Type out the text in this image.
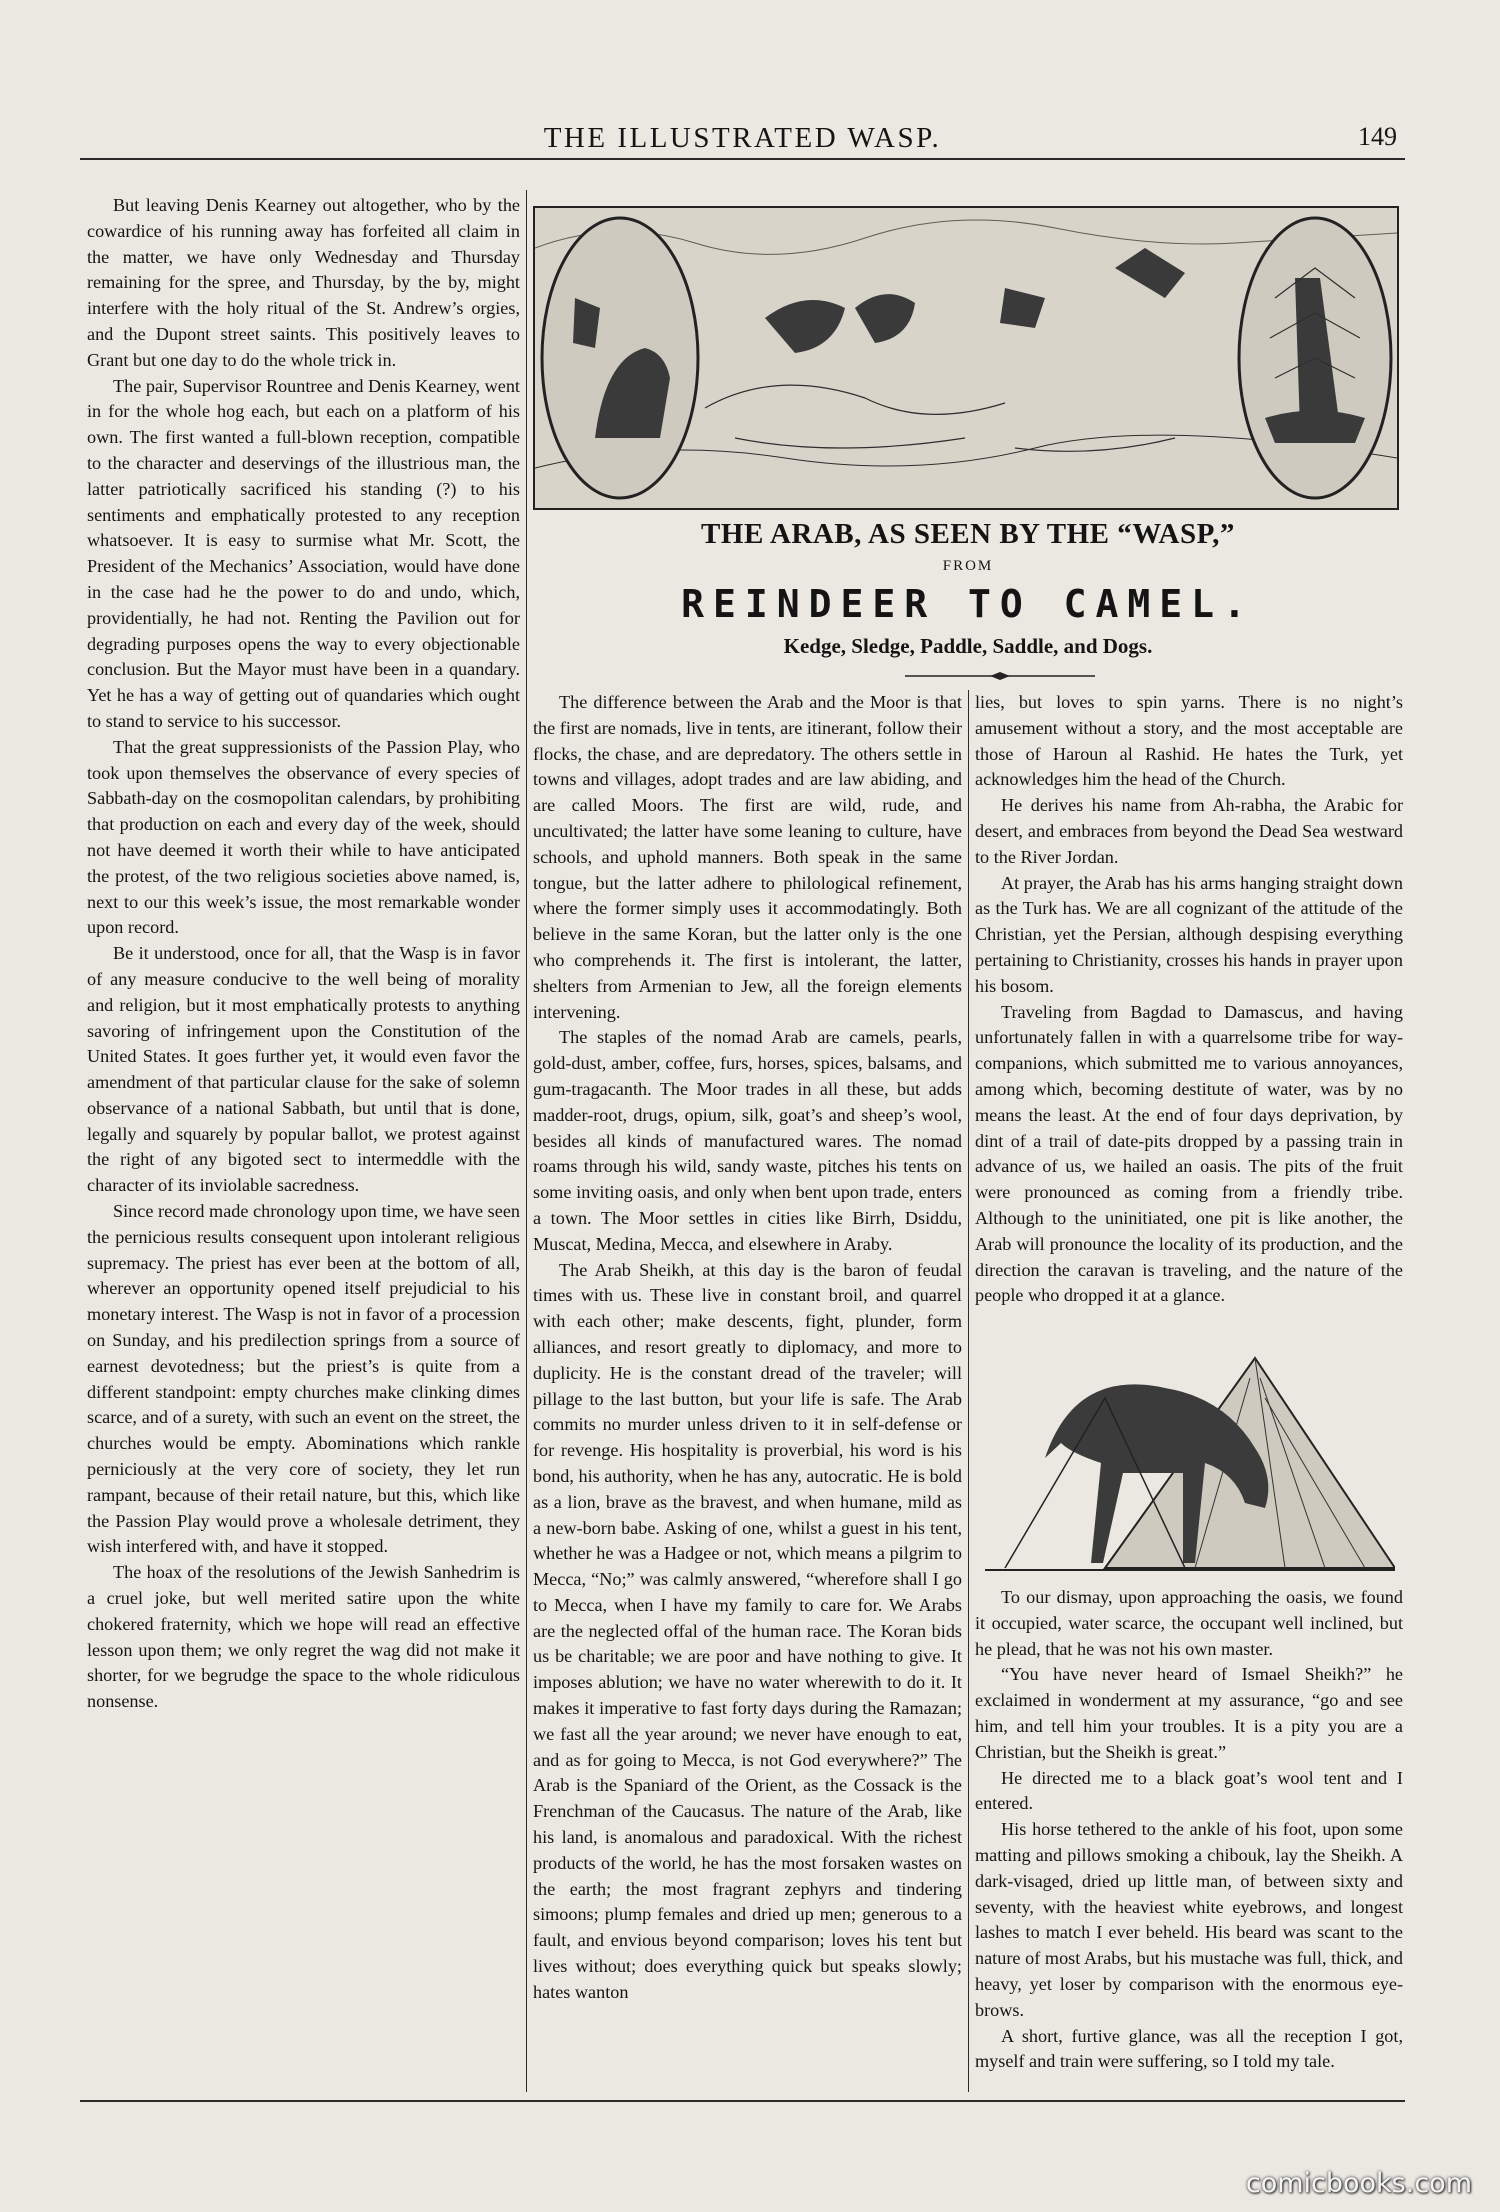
THE ILLUSTRATED WASP.	149

But leaving Denis Kearney out altogether, who by the cowardice of his running away has forfeited all claim in the matter, we have only Wednesday and Thursday remaining for the spree, and Thursday, by the by, might interfere with the holy ritual of the St. Andrew’s orgies, and the Dupont street saints. This positively leaves to Grant but one day to do the whole trick in.

The pair, Supervisor Rountree and Denis Kearney, went in for the whole hog each, but each on a platform of his own. The first wanted a full-blown reception, compatible to the character and deservings of the illustrious man, the latter patriotically sacrificed his standing (?) to his sentiments and emphatically protested to any reception whatsoever. It is easy to surmise what Mr. Scott, the President of the Mechanics’ Association, would have done in the case had he the power to do and undo, which, providentially, he had not. Renting the Pavilion out for degrading purposes opens the way to every objectionable conclusion. But the Mayor must have been in a quandary. Yet he has a way of getting out of quandaries which ought to stand to service to his successor.

That the great suppressionists of the Passion Play, who took upon themselves the observance of every species of Sabbath-day on the cosmopolitan calendars, by prohibiting that production on each and every day of the week, should not have deemed it worth their while to have anticipated the protest, of the two religious societies above named, is, next to our this week’s issue, the most remarkable wonder upon record.

Be it understood, once for all, that the Wasp is in favor of any measure conducive to the well being of morality and religion, but it most emphatically protests to anything savoring of infringement upon the Constitution of the United States. It goes further yet, it would even favor the amendment of that particular clause for the sake of solemn observance of a national Sabbath, but until that is done, legally and squarely by popular ballot, we protest against the right of any bigoted sect to intermeddle with the character of its inviolable sacredness.

Since record made chronology upon time, we have seen the pernicious results consequent upon intolerant religious supremacy. The priest has ever been at the bottom of all, wherever an opportunity opened itself prejudicial to his monetary interest. The Wasp is not in favor of a procession on Sunday, and his predilection springs from a source of earnest devotedness; but the priest’s is quite from a different standpoint: empty churches make clinking dimes scarce, and of a surety, with such an event on the street, the churches would be empty. Abominations which rankle perniciously at the very core of society, they let run rampant, because of their retail nature, but this, which like the Passion Play would prove a wholesale detriment, they wish interfered with, and have it stopped.

The hoax of the resolutions of the Jewish Sanhedrim is a cruel joke, but well merited satire upon the white chokered fraternity, which we hope will read an effective lesson upon them; we only regret the wag did not make it shorter, for we begrudge the space to the whole ridiculous nonsense.

THE ARAB, AS SEEN BY THE “WASP,”
FROM
REINDEER TO CAMEL.
Kedge, Sledge, Paddle, Saddle, and Dogs.

The difference between the Arab and the Moor is that the first are nomads, live in tents, are itinerant, follow their flocks, the chase, and are depredatory. The others settle in towns and villages, adopt trades and are law abiding, and are called Moors. The first are wild, rude, and uncultivated; the latter have some leaning to culture, have schools, and uphold manners. Both speak in the same tongue, but the latter adhere to philological refinement, where the former simply uses it accommodatingly. Both believe in the same Koran, but the latter only is the one who comprehends it. The first is intolerant, the latter, shelters from Armenian to Jew, all the foreign elements intervening.

The staples of the nomad Arab are camels, pearls, gold-dust, amber, coffee, furs, horses, spices, balsams, and gum-tragacanth. The Moor trades in all these, but adds madder-root, drugs, opium, silk, goat’s and sheep’s wool, besides all kinds of manufactured wares. The nomad roams through his wild, sandy waste, pitches his tents on some inviting oasis, and only when bent upon trade, enters a town. The Moor settles in cities like Birrh, Dsiddu, Muscat, Medina, Mecca, and elsewhere in Araby.

The Arab Sheikh, at this day is the baron of feudal times with us. These live in constant broil, and quarrel with each other; make descents, fight, plunder, form alliances, and resort greatly to diplomacy, and more to duplicity. He is the constant dread of the traveler; will pillage to the last button, but your life is safe. The Arab commits no murder unless driven to it in self-defense or for revenge. His hospitality is proverbial, his word is his bond, his authority, when he has any, autocratic. He is bold as a lion, brave as the bravest, and when humane, mild as a new-born babe. Asking of one, whilst a guest in his tent, whether he was a Hadgee or not, which means a pilgrim to Mecca, “No;” was calmly answered, “wherefore shall I go to Mecca, when I have my family to care for. We Arabs are the neglected offal of the human race. The Koran bids us be charitable; we are poor and have nothing to give. It imposes ablution; we have no water wherewith to do it. It makes it imperative to fast forty days during the Ramazan; we fast all the year around; we never have enough to eat, and as for going to Mecca, is not God everywhere?” The Arab is the Spaniard of the Orient, as the Cossack is the Frenchman of the Caucasus. The nature of the Arab, like his land, is anomalous and paradoxical. With the richest products of the world, he has the most forsaken wastes on the earth; the most fragrant zephyrs and tindering simoons; plump females and dried up men; generous to a fault, and envious beyond comparison; loves his tent but lives without; does everything quick but speaks slowly; hates wanton

lies, but loves to spin yarns. There is no night’s amusement without a story, and the most acceptable are those of Haroun al Rashid. He hates the Turk, yet acknowledges him the head of the Church.

He derives his name from Ah-rabha, the Arabic for desert, and embraces from beyond the Dead Sea westward to the River Jordan.

At prayer, the Arab has his arms hanging straight down as the Turk has. We are all cognizant of the attitude of the Christian, yet the Persian, although despising everything pertaining to Christianity, crosses his hands in prayer upon his bosom.

Traveling from Bagdad to Damascus, and having unfortunately fallen in with a quarrelsome tribe for way-companions, which submitted me to various annoyances, among which, becoming destitute of water, was by no means the least. At the end of four days deprivation, by dint of a trail of date-pits dropped by a passing train in advance of us, we hailed an oasis. The pits of the fruit were pronounced as coming from a friendly tribe. Although to the uninitiated, one pit is like another, the Arab will pronounce the locality of its production, and the direction the caravan is traveling, and the nature of the people who dropped it at a glance.

To our dismay, upon approaching the oasis, we found it occupied, water scarce, the occupant well inclined, but he plead, that he was not his own master.

“You have never heard of Ismael Sheikh?” he exclaimed in wonderment at my assurance, “go and see him, and tell him your troubles. It is a pity you are a Christian, but the Sheikh is great.”

He directed me to a black goat’s wool tent and I entered.

His horse tethered to the ankle of his foot, upon some matting and pillows smoking a chibouk, lay the Sheikh. A dark-visaged, dried up little man, of between sixty and seventy, with the heaviest white eyebrows, and longest lashes to match I ever beheld. His beard was scant to the nature of most Arabs, but his mustache was full, thick, and heavy, yet loser by comparison with the enormous eye-brows.

A short, furtive glance, was all the reception I got, myself and train were suffering, so I told my tale.

comicbooks.com
